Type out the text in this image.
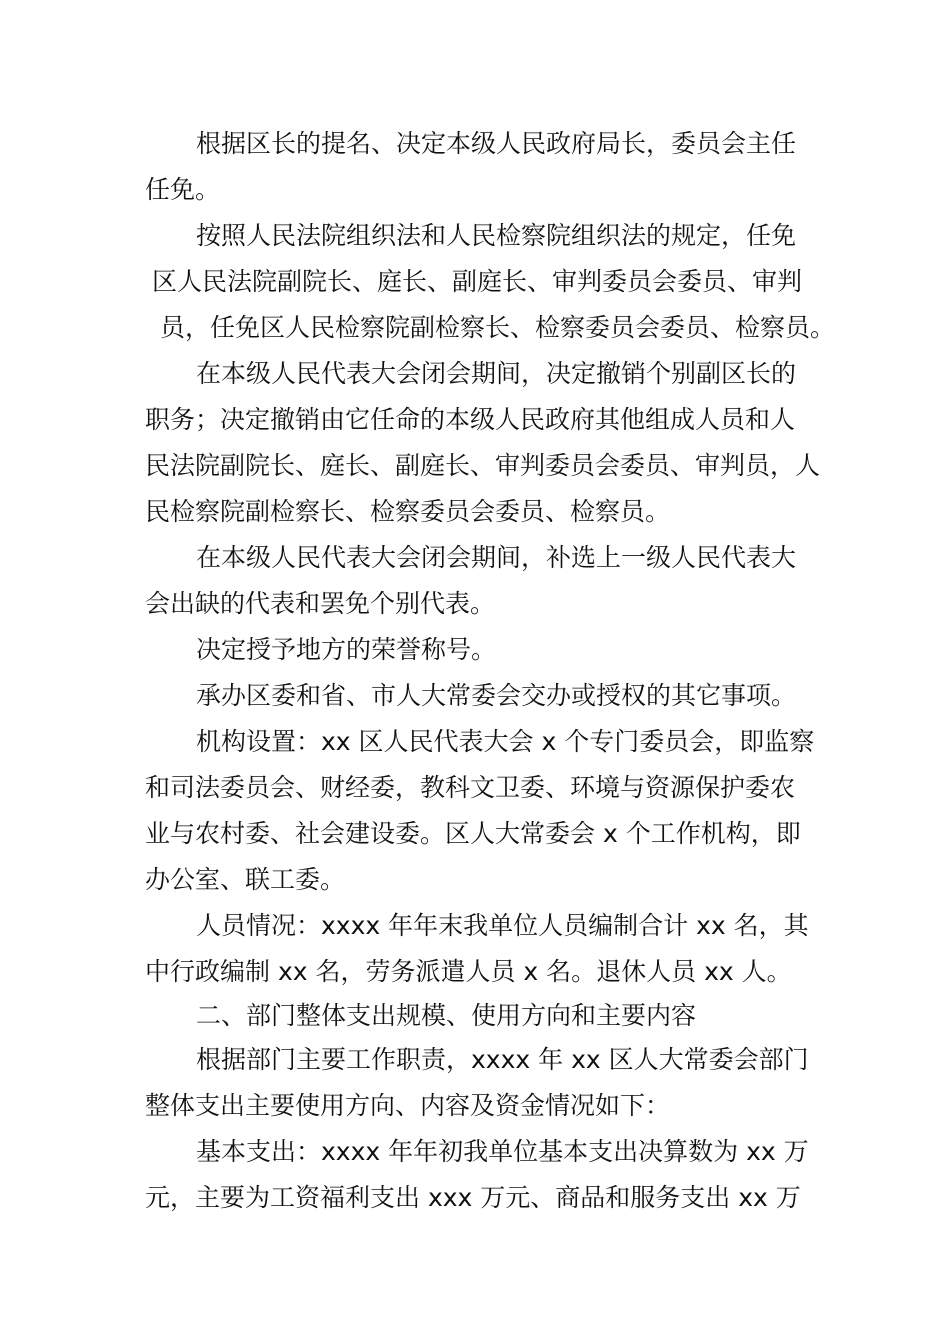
根据区长的提名、决定本级人民政府局长，委员会主任

任免。

按照人民法院组织法和人民检察院组织法的规定，任免

区人民法院副院长、庭长、副庭长、审判委员会委员、审判

员，任免区人民检察院副检察长、检察委员会委员、检察员。

在本级人民代表大会闭会期间，决定撤销个别副区长的

职务；决定撤销由它任命的本级人民政府其他组成人员和人

民法院副院长、庭长、副庭长、审判委员会委员、审判员，人

民检察院副检察长、检察委员会委员、检察员。

在本级人民代表大会闭会期间，补选上一级人民代表大

会出缺的代表和罢免个别代表。

决定授予地方的荣誉称号。

承办区委和省、市人大常委会交办或授权的其它事项。

机构设置：xx 区人民代表大会 x 个专门委员会，即监察

和司法委员会、财经委，教科文卫委、环境与资源保护委农

业与农村委、社会建设委。区人大常委会 x 个工作机构，即

办公室、联工委。

人员情况：xxxx 年年末我单位人员编制合计 xx 名，其

中行政编制 xx 名，劳务派遣人员 x 名。退休人员 xx 人。

二、部门整体支出规模、使用方向和主要内容

根据部门主要工作职责，xxxx 年 xx 区人大常委会部门

整体支出主要使用方向、内容及资金情况如下：

基本支出：xxxx 年年初我单位基本支出决算数为 xx 万

元，主要为工资福利支出 xxx 万元、商品和服务支出 xx 万
